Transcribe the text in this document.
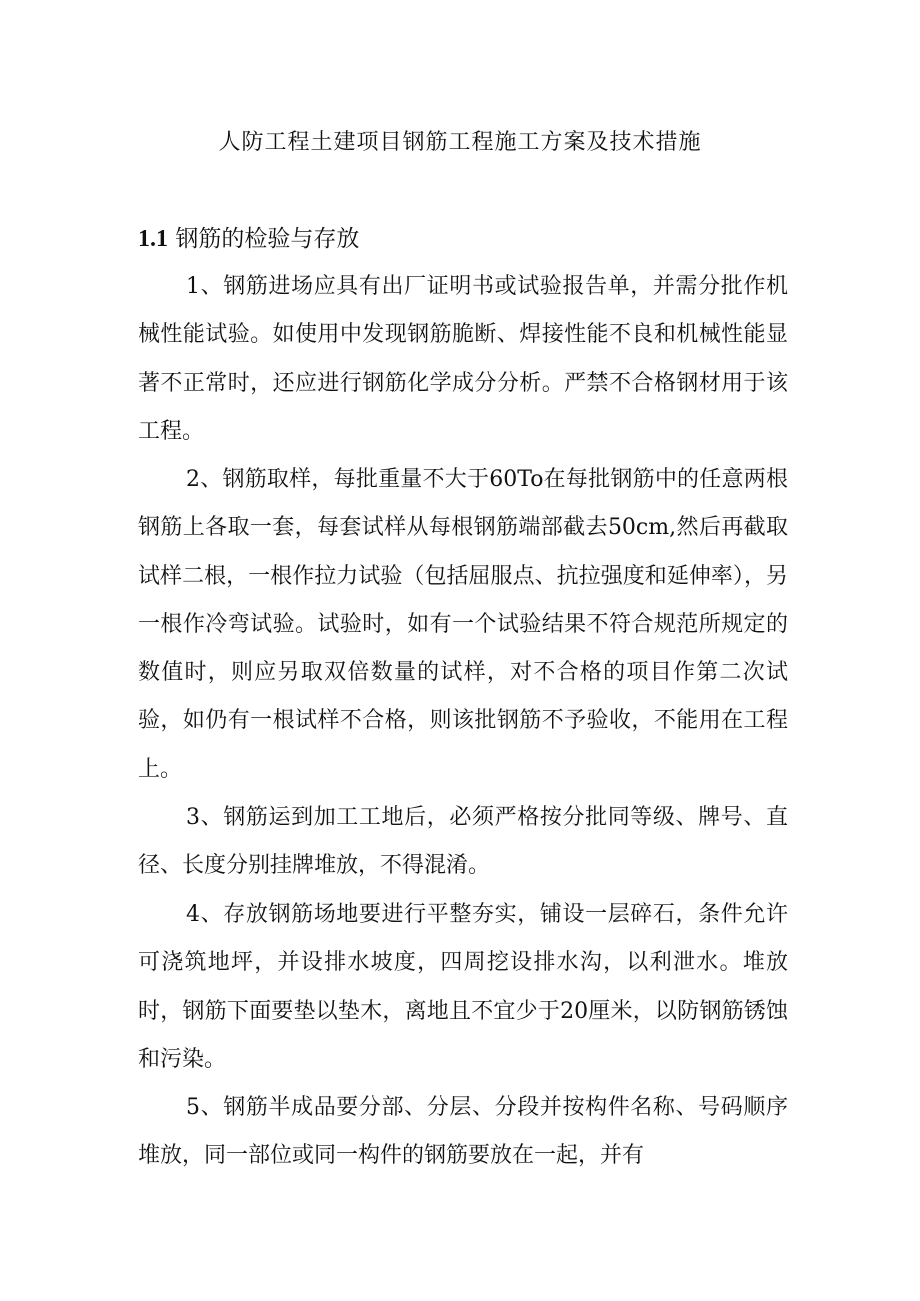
人防工程土建项目钢筋工程施工方案及技术措施
1.1 钢筋的检验与存放

1、钢筋进场应具有出厂证明书或试验报告单，并需分批作机械性能试验。如使用中发现钢筋脆断、焊接性能不良和机械性能显著不正常时，还应进行钢筋化学成分分析。严禁不合格钢材用于该工程。

2、钢筋取样，每批重量不大于60To在每批钢筋中的任意两根钢筋上各取一套，每套试样从每根钢筋端部截去50cm,然后再截取试样二根，一根作拉力试验（包括屈服点、抗拉强度和延伸率），另一根作冷弯试验。试验时，如有一个试验结果不符合规范所规定的数值时，则应另取双倍数量的试样，对不合格的项目作第二次试验，如仍有一根试样不合格，则该批钢筋不予验收，不能用在工程上。

3、钢筋运到加工工地后，必须严格按分批同等级、牌号、直径、长度分别挂牌堆放，不得混淆。

4、存放钢筋场地要进行平整夯实，铺设一层碎石，条件允许可浇筑地坪，并设排水坡度，四周挖设排水沟，以利泄水。堆放时，钢筋下面要垫以垫木，离地且不宜少于20厘米，以防钢筋锈蚀和污染。

5、钢筋半成品要分部、分层、分段并按构件名称、号码顺序堆放，同一部位或同一构件的钢筋要放在一起，并有
